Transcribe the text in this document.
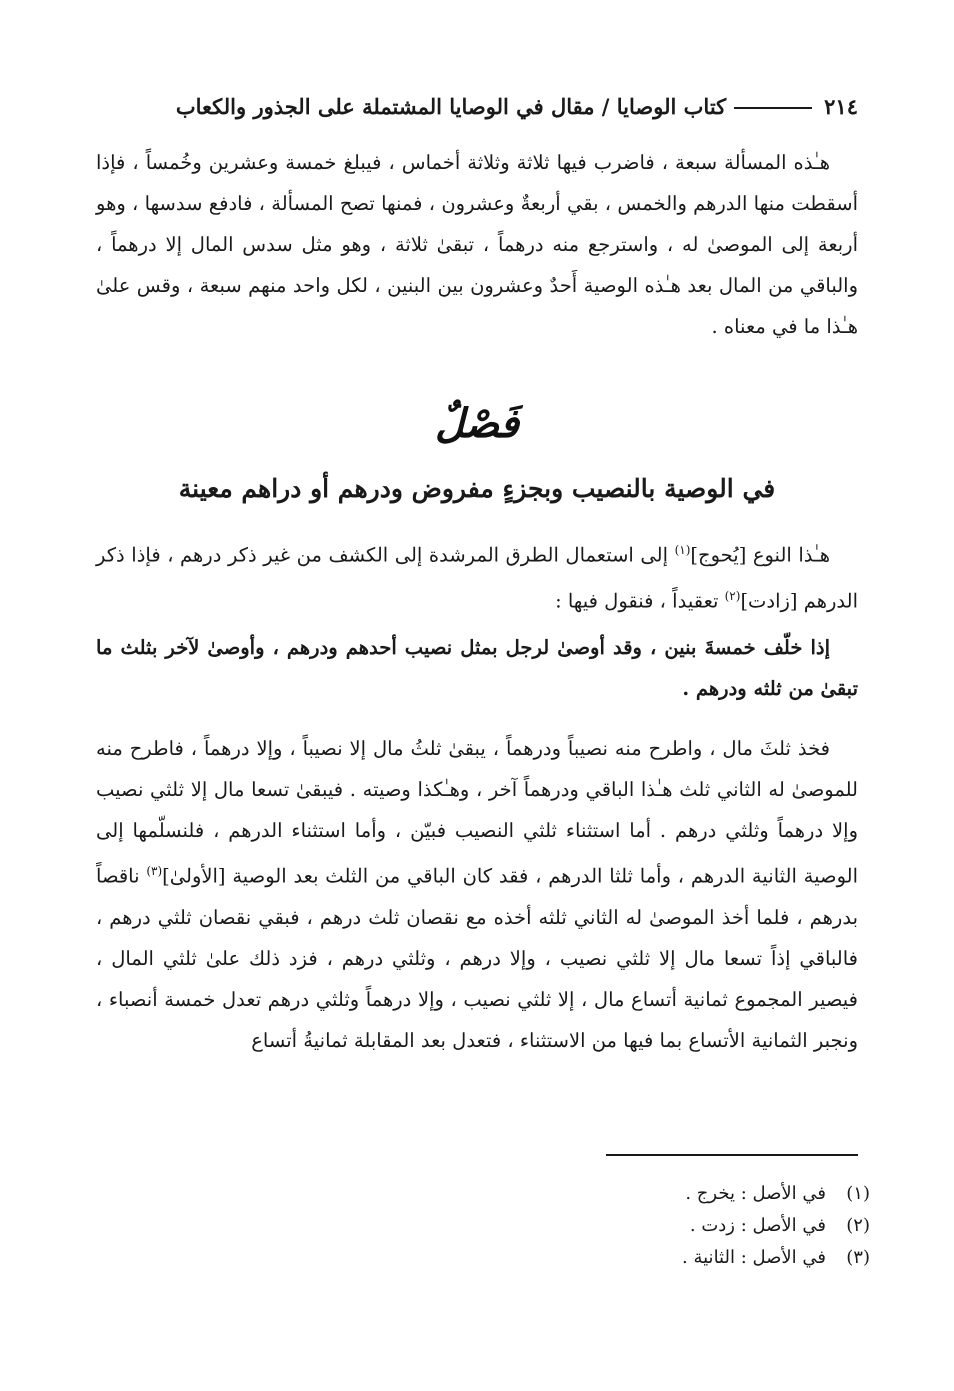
٢١٤
كتاب الوصايا / مقال في الوصايا المشتملة على الجذور والكعاب
هـٰذه المسألة سبعة ، فاضرب فيها ثلاثة وثلاثة أخماس ، فيبلغ خمسة وعشرين وخُمساً ، فإذا أسقطت منها الدرهم والخمس ، بقي أربعةٌ وعشرون ، فمنها تصح المسألة ، فادفع سدسها ، وهو أربعة إلى الموصىٰ له ، واسترجع منه درهماً ، تبقىٰ ثلاثة ، وهو مثل سدس المال إلا درهماً ، والباقي من المال بعد هـٰذه الوصية أَحدٌ وعشرون بين البنين ، لكل واحد منهم سبعة ، وقس علىٰ هـٰذا ما في معناه .
فَصْلٌ
في الوصية بالنصيب وبجزءٍ مفروض ودرهم أو دراهم معينة
هـٰذا النوع [يُحوج]$^{(١)}$ إلى استعمال الطرق المرشدة إلى الكشف من غير ذكر درهم ، فإذا ذكر الدرهم [زادت]$^{(٢)}$ تعقيداً ، فنقول فيها :
إذا خلّف خمسةَ بنين ، وقد أوصىٰ لرجل بمثل نصيب أحدهم ودرهم ، وأوصىٰ لآخر بثلث ما تبقىٰ من ثلثه ودرهم .
فخذ ثلثَ مال ، واطرح منه نصيباً ودرهماً ، يبقىٰ ثلثُ مال إلا نصيباً ، وإلا درهماً ، فاطرح منه للموصىٰ له الثاني ثلث هـٰذا الباقي ودرهماً آخر ، وهـٰكذا وصيته . فيبقىٰ تسعا مال إلا ثلثي نصيب وإلا درهماً وثلثي درهم . أما استثناء ثلثي النصيب فبيّن ، وأما استثناء الدرهم ، فلنسلّمها إلى الوصية الثانية الدرهم ، وأما ثلثا الدرهم ، فقد كان الباقي من الثلث بعد الوصية [الأولىٰ]$^{(٣)}$ ناقصاً بدرهم ، فلما أخذ الموصىٰ له الثاني ثلثه أخذه مع نقصان ثلث درهم ، فبقي نقصان ثلثي درهم ، فالباقي إذاً تسعا مال إلا ثلثي نصيب ، وإلا درهم ، وثلثي درهم ، فزد ذلك علىٰ ثلثي المال ، فيصير المجموع ثمانية أتساع مال ، إلا ثلثي نصيب ، وإلا درهماً وثلثي درهم تعدل خمسة أنصباء ، ونجبر الثمانية الأتساع بما فيها من الاستثناء ، فتعدل بعد المقابلة ثمانيةُ أتساع
(١)
في الأصل : يخرج .
(٢)
في الأصل : زدت .
(٣)
في الأصل : الثانية .
